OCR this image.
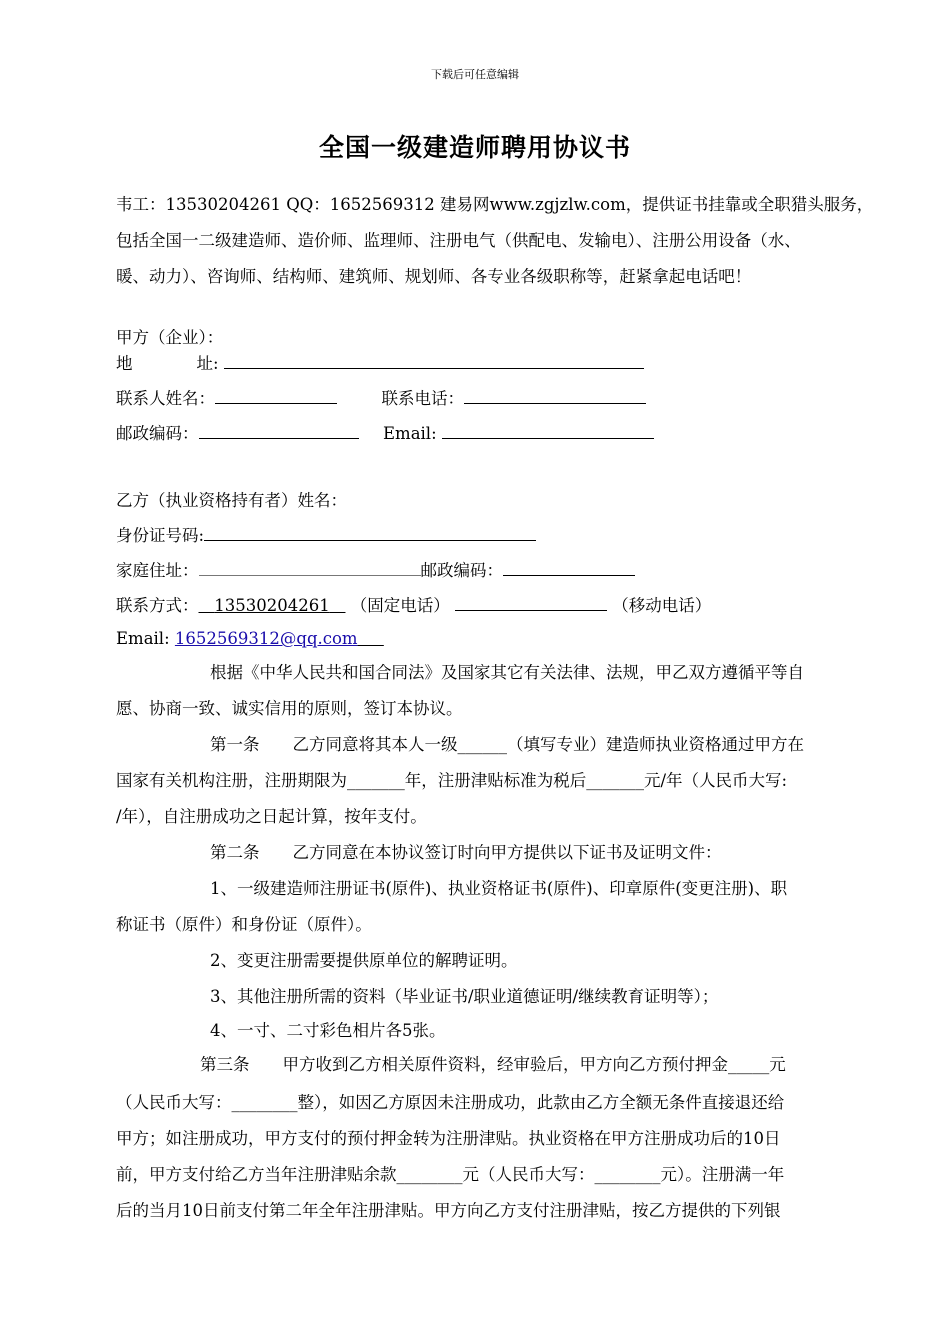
下载后可任意编辑
全国一级建造师聘用协议书
韦工：13530204261 QQ：1652569312 建易网www.zgjzlw.com，提供证书挂靠或全职猎头服务，
包括全国一二级建造师、造价师、监理师、注册电气（供配电、发输电）、注册公用设备（水、
暖、动力）、咨询师、结构师、建筑师、规划师、各专业各级职称等，赶紧拿起电话吧！
甲方（企业）：
地	址:
联系人姓名：	联系电话：
邮政编码：	Email:
乙方（执业资格持有者）姓名：
身份证号码:
家庭住址：	邮政编码：
联系方式： 13530204261 （固定电话）	（移动电话）
Email: 1652569312@qq.com
根据《中华人民共和国合同法》及国家其它有关法律、法规，甲乙双方遵循平等自
愿、协商一致、诚实信用的原则，签订本协议。
第一条　　乙方同意将其本人一级______（填写专业）建造师执业资格通过甲方在
国家有关机构注册，注册期限为_______年，注册津贴标准为税后_______元/年（人民币大写:
/年），自注册成功之日起计算，按年支付。
第二条　　乙方同意在本协议签订时向甲方提供以下证书及证明文件：
1、一级建造师注册证书(原件)、执业资格证书(原件)、印章原件(变更注册)、职
称证书（原件）和身份证（原件）。
2、变更注册需要提供原单位的解聘证明。
3、其他注册所需的资料（毕业证书/职业道德证明/继续教育证明等）；
4、一寸、二寸彩色相片各5张。
第三条　　甲方收到乙方相关原件资料，经审验后，甲方向乙方预付押金_____元
（人民币大写：________整），如因乙方原因未注册成功，此款由乙方全额无条件直接退还给
甲方；如注册成功，甲方支付的预付押金转为注册津贴。执业资格在甲方注册成功后的10日
前，甲方支付给乙方当年注册津贴余款________元（人民币大写：________元）。注册满一年
后的当月10日前支付第二年全年注册津贴。甲方向乙方支付注册津贴，按乙方提供的下列银
